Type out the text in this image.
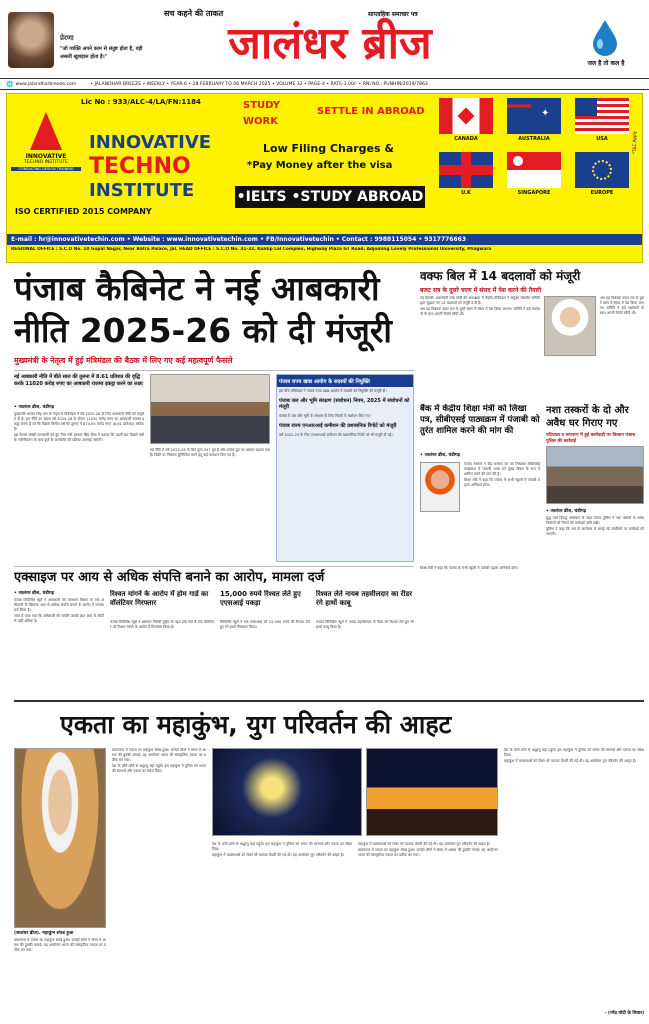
प्रेरणा
"जो व्यक्ति अपने काम से संतुष्ट होता है, वही असली खुशहाल होता है।"
सच कहने की ताकत	साप्ताहिक समाचार पत्र
जालंधर ब्रीज	जल है तो कल है
🌐 www.jalandharbreeze.com	• JALANDHAR BREEZE • WEEKLY • YEAR-6 • 28 FEBRUARY TO 06 MARCH 2025 • VOLUME 32 • PAGE-4 • RATE-3.00/- • RNI NO.: PUNHIN/2019/7863
Lic No : 933/ALC-4/LA/FN:1184
INNOVATIVE
TECHNO INSTITUTE
CONSULTING DESIGN TRAINING
INNOVATIVE
TECHNO
INSTITUTE
ISO CERTIFIED 2015 COMPANY
STUDY
WORK
SETTLE IN ABROAD
Low Filing Charges &
*Pay Money after the visa
•IELTS •STUDY ABROAD
✦
CANADA	AUSTRALIA	USA
U.K	SINGAPORE	EUROPE
*T&C Apply
E-mail : hr@innovativetechin.com • Website : www.innovativetechin.com • FB/Innovativetechin • Contact : 9988115054 • 9317776663
REGIONAL OFFICE : S.C.O No. 10 Gopal Nagar, Near Batra Palace, Jal. HEAD OFFICE : S.C.O No. 31-32, Kuldip Lal Complex, Highway Plaza GT Road, Adjoining Lovely Professional University, Phagwara
पंजाब कैबिनेट ने नई आबकारी
नीति 2025-26 को दी मंजूरी
मुख्यमंत्री के नेतृत्व में हुई मंत्रिमंडल की बैठक में लिए गए कई महत्वपूर्ण फैसले
नई आबकारी नीति में बीते साल की तुलना में 8.61 प्रतिशत की वृद्धि करके 11020 करोड़ रुपए का आबकारी राजस्व इकट्ठा करने का लक्ष्य
• जालंधर ब्रीज, चंडीगढ़

मुख्यमंत्री भगवंत सिंह मान के नेतृत्व में मंत्रिमंडल ने वर्ष 2025-26 के लिए आबकारी नीति को मंजूरी दे दी है। इस नीति का उद्देश्य वर्ष 2025-26 के दौरान 11020 करोड़ रुपए का आबकारी राजस्व इकट्ठा करना है जो कि पिछले वित्तीय वर्ष की तुलना में 874.05 करोड़ रुपए (8.61 प्रतिशत) अधिक है।

इस फैसले संबंधी जानकारी देते हुए वित्त मंत्री हरपाल सिंह चीमा ने बताया कि पहली बार पिछले वर्षों के नवीनीकरण के साथ ग्रुपों के अलॉटमेंट की प्रक्रिया अपनाई जाएगी।

नई नीति में वर्ष 2025-26 के लिए कुल 207 ग्रुप हैं और प्रत्येक ग्रुप का आकार बढ़ाया गया है। बिक्री पर नियंत्रण सुनिश्चित करने हेतु कई प्रावधान किए गए हैं।

पंजाब राज्य खाद्य आयोग के सदस्यों की नियुक्ति
इस बीच मंत्रिमंडल ने पंजाब राज्य खाद्य आयोग में सदस्यों की नियुक्ति की मंजूरी दी।
पंजाब जल और भूमि संरक्षण (संशोधन) नियम, 2025 में संशोधनों को मंजूरी
पंजाब में जल और भूमि के संरक्षण के लिए नियमों में संशोधन किए गए।
पंजाब राज्य एनआरआई कमीशन की प्रशासनिक रिपोर्ट को मंजूरी
वर्ष 2022-23 के लिए एनआरआई कमीशन की प्रशासनिक रिपोर्ट को भी मंजूरी दी गई।
वक्फ बिल में 14 बदलावों को मंजूरी
बजट सत्र के दूसरे चरण में संसद में पेश करने की तैयारी

नई दिल्ली। प्रधानमंत्री नरेंद्र मोदी की अध्यक्षता में केंद्रीय मंत्रिमंडल ने संयुक्त संसदीय समिति द्वारा सुझाए गए 14 बदलावों को मंजूरी दे दी है।

अब यह विधेयक बजट सत्र के दूसरे चरण में संसद में पेश किया जाएगा। समिति ने कई संशोधनों के साथ अपनी रिपोर्ट सौंपी थी।

अब यह विधेयक बजट सत्र के दूसरे चरण में संसद में पेश किया जाएगा। समिति ने कई संशोधनों के साथ अपनी रिपोर्ट सौंपी थी।

बैंक में केंद्रीय शिक्षा मंत्री को लिखा पत्र, सीबीएसई पाठ्यक्रम में पंजाबी को तुरंत शामिल करने की मांग की
• जालंधर ब्रीज, चंडीगढ़

पंजाब सरकार ने केंद्र सरकार को पत्र लिखकर सीबीएसई पाठ्यक्रम में पंजाबी भाषा को मुख्य विषय के रूप में शामिल करने की मांग की है।

शिक्षा मंत्री ने कहा कि पंजाब के सभी स्कूलों में पंजाबी पढ़ाना अनिवार्य होगा।

नशा तस्करों के दो और अवैध घर गिराए गए
पटियाला व रूपनगर में हुई कार्यवाही पर किसान पंजाब पुलिस की कार्रवाई
• जालंधर ब्रीज, चंडीगढ़

युद्ध नशों विरुद्ध अभियान के तहत पंजाब पुलिस ने नशा तस्करों के अवैध निर्माणों को गिराने की कार्रवाई जारी रखी।

पुलिस ने कहा कि नशे के कारोबार से बनाई गई संपत्तियों पर कार्रवाई की जाएगी।

शिक्षा मंत्री ने कहा कि पंजाब के सभी स्कूलों में पंजाबी पढ़ाना अनिवार्य होगा।

एक्साइज पर आय से अधिक संपत्ति बनाने का आरोप, मामला दर्ज
• जालंधर ब्रीज, चंडीगढ़

पंजाब विजिलेंस ब्यूरो ने आबकारी एवं कराधान विभाग के एक अधिकारी के खिलाफ आय से अधिक संपत्ति बनाने के आरोप में मामला दर्ज किया है।

जांच में पाया गया कि अधिकारी की संपत्ति उसकी ज्ञात आय के स्रोतों से कहीं अधिक है।

रिश्वत मांगने के आरोप में होम गार्ड का वॉलंटियर गिरफ्तार

पंजाब विजिलेंस ब्यूरो ने भ्रष्टाचार विरोधी मुहिम के तहत होम गार्ड के एक वॉलंटियर को रिश्वत मांगने के आरोप में गिरफ्तार किया है।

15,000 रुपये रिश्वत लेते हुए एएसआई पकड़ा

विजिलेंस ब्यूरो ने एक एएसआई को 15,000 रुपये की रिश्वत लेते हुए रंगे हाथों गिरफ्तार किया।

रिश्वत लेते नायब तहसीलदार का रीडर रंगे हाथों काबू

पंजाब विजिलेंस ब्यूरो ने नायब तहसीलदार के रीडर को रिश्वत लेते हुए रंगे हाथों काबू किया है।

एकता का महाकुंभ, युग परिवर्तन की आहट
(जालंधर ब्रीज). महाकुंभ संपन्न हुआ

प्रयागराज में एकता का महाकुंभ संपन्न हुआ। करोड़ों लोगों ने संगम में आस्था की डुबकी लगाई। यह आयोजन भारत की सांस्कृतिक एकता का प्रतीक बन गया।

प्रयागराज में एकता का महाकुंभ संपन्न हुआ। करोड़ों लोगों ने संगम में आस्था की डुबकी लगाई। यह आयोजन भारत की सांस्कृतिक एकता का प्रतीक बन गया।

देश के कोने-कोने से श्रद्धालु यहां पहुंचे। इस महाकुंभ ने दुनिया को भारत की सामर्थ्य और एकता का संदेश दिया।

देश के कोने-कोने से श्रद्धालु यहां पहुंचे। इस महाकुंभ ने दुनिया को भारत की सामर्थ्य और एकता का संदेश दिया।

महाकुंभ में व्यवस्थाओं को लेकर भी व्यापक तैयारी की गई थी। यह आयोजन युग परिवर्तन की आहट है।

महाकुंभ में व्यवस्थाओं को लेकर भी व्यापक तैयारी की गई थी। यह आयोजन युग परिवर्तन की आहट है।

प्रयागराज में एकता का महाकुंभ संपन्न हुआ। करोड़ों लोगों ने संगम में आस्था की डुबकी लगाई। यह आयोजन भारत की सांस्कृतिक एकता का प्रतीक बन गया।

देश के कोने-कोने से श्रद्धालु यहां पहुंचे। इस महाकुंभ ने दुनिया को भारत की सामर्थ्य और एकता का संदेश दिया।

महाकुंभ में व्यवस्थाओं को लेकर भी व्यापक तैयारी की गई थी। यह आयोजन युग परिवर्तन की आहट है।

- (नरेंद्र मोदी के विचार)
